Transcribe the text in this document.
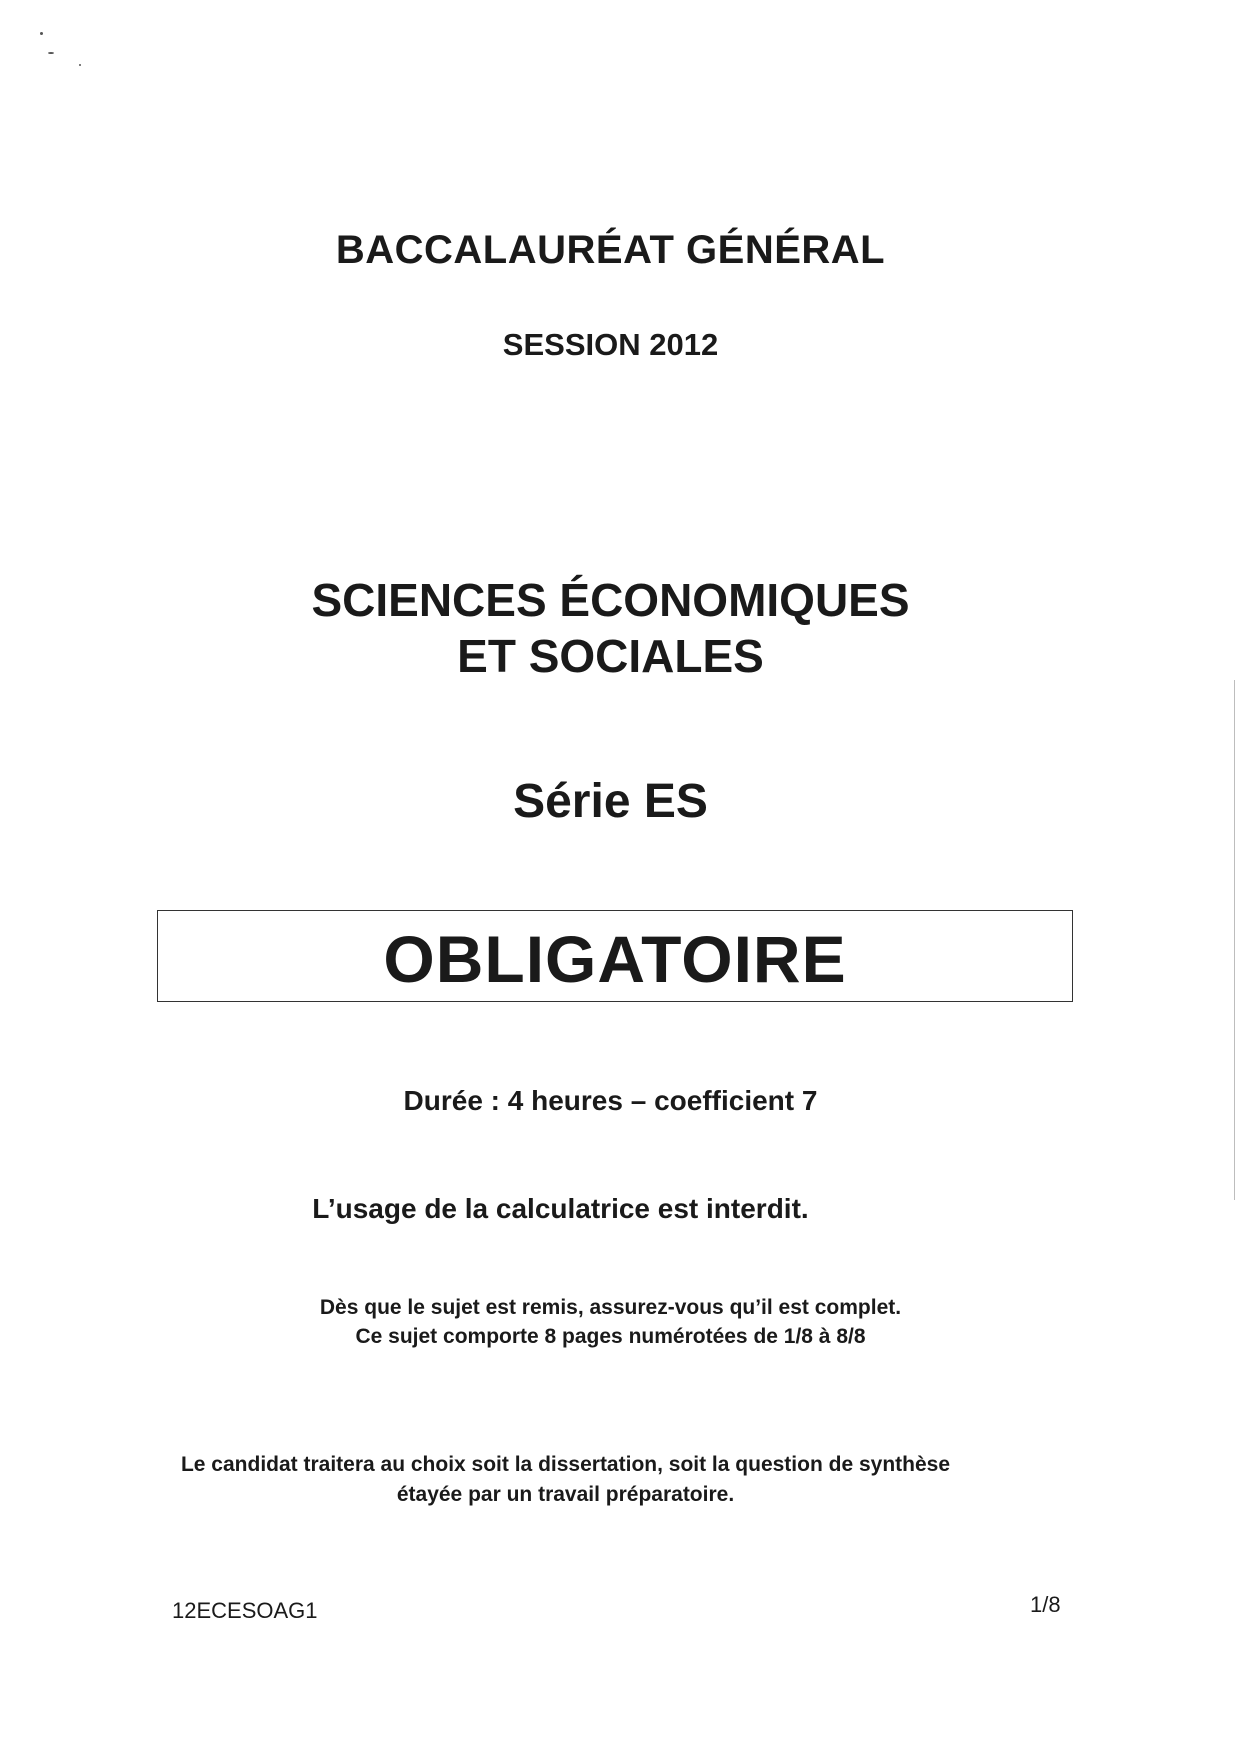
BACCALAURÉAT GÉNÉRAL
SESSION 2012
SCIENCES ÉCONOMIQUES
ET SOCIALES
Série ES
OBLIGATOIRE
Durée : 4 heures – coefficient 7
L’usage de la calculatrice est interdit.
Dès que le sujet est remis, assurez-vous qu’il est complet.
Ce sujet comporte 8 pages numérotées de 1/8 à 8/8
Le candidat traitera au choix soit la dissertation, soit la question de synthèse
étayée par un travail préparatoire.
12ECESOAG1	1/8
